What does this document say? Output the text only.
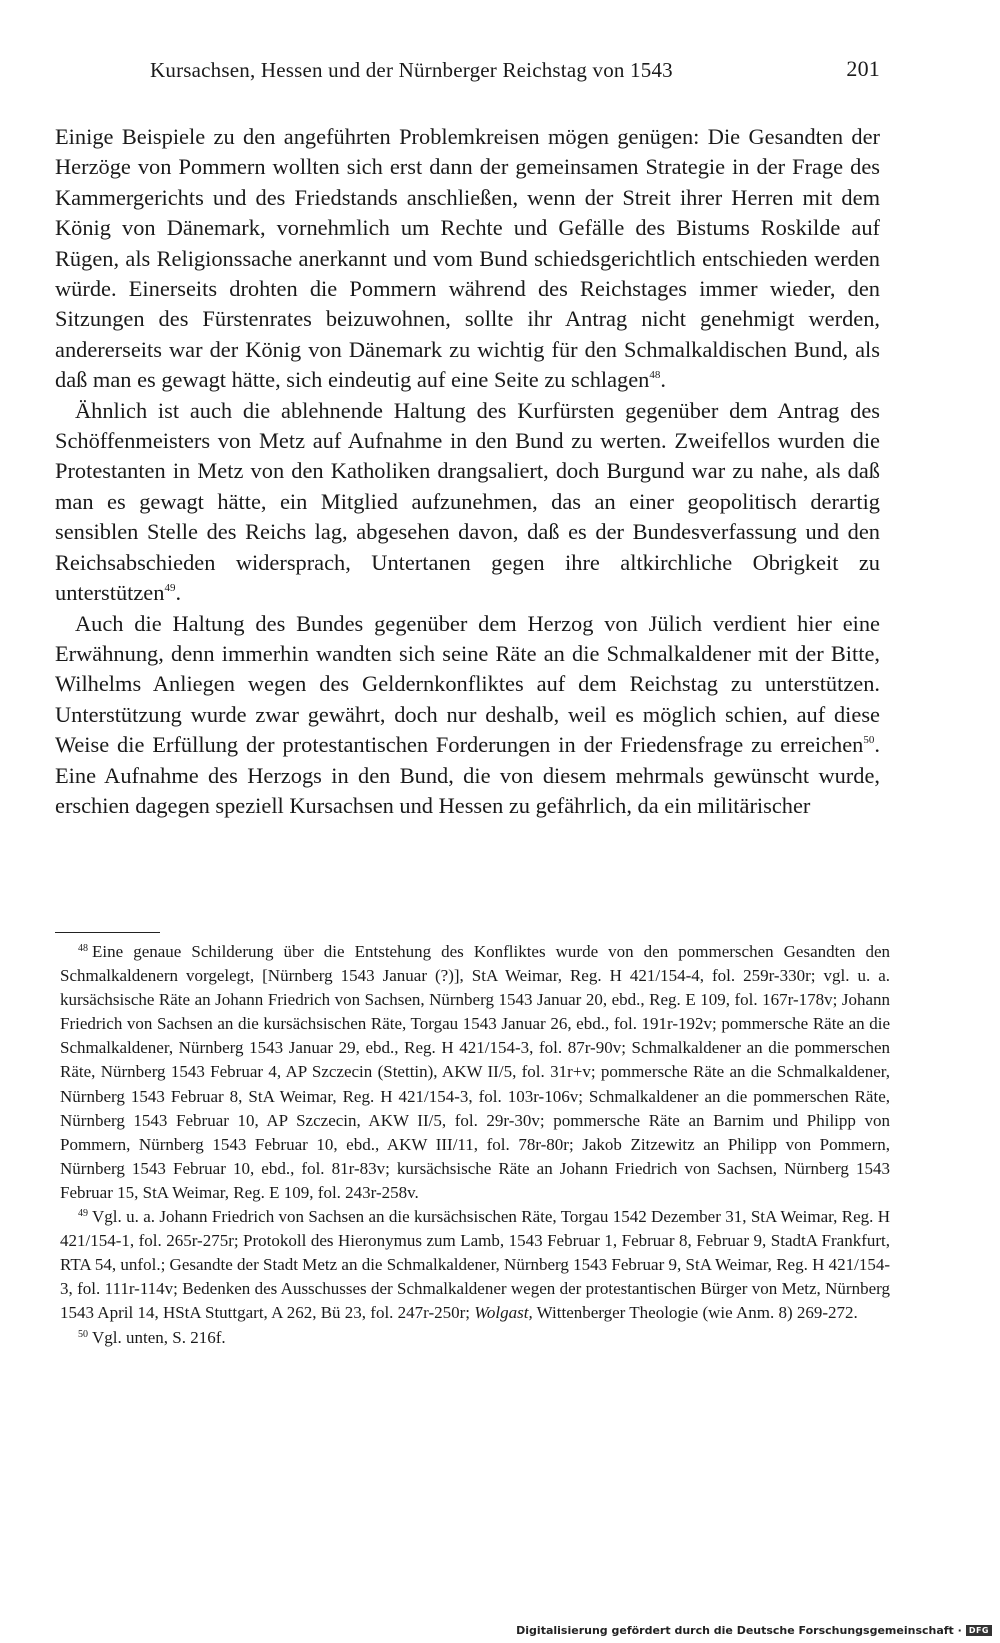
Kursachsen, Hessen und der Nürnberger Reichstag von 1543	201

Einige Beispiele zu den angeführten Problemkreisen mögen genügen: Die Gesandten der Herzöge von Pommern wollten sich erst dann der gemeinsamen Strategie in der Frage des Kammergerichts und des Friedstands anschließen, wenn der Streit ihrer Herren mit dem König von Dänemark, vornehmlich um Rechte und Gefälle des Bistums Roskilde auf Rügen, als Religionssache anerkannt und vom Bund schiedsgerichtlich entschieden werden würde. Einerseits drohten die Pommern während des Reichstages immer wieder, den Sitzungen des Fürstenrates beizuwohnen, sollte ihr Antrag nicht genehmigt werden, andererseits war der König von Dänemark zu wichtig für den Schmalkaldischen Bund, als daß man es gewagt hätte, sich eindeutig auf eine Seite zu schlagen$^{48}$.

Ähnlich ist auch die ablehnende Haltung des Kurfürsten gegenüber dem Antrag des Schöffenmeisters von Metz auf Aufnahme in den Bund zu werten. Zweifellos wurden die Protestanten in Metz von den Katholiken drangsaliert, doch Burgund war zu nahe, als daß man es gewagt hätte, ein Mitglied aufzunehmen, das an einer geopolitisch derartig sensiblen Stelle des Reichs lag, abgesehen davon, daß es der Bundesverfassung und den Reichsabschieden widersprach, Untertanen gegen ihre altkirchliche Obrigkeit zu unterstützen$^{49}$.

Auch die Haltung des Bundes gegenüber dem Herzog von Jülich verdient hier eine Erwähnung, denn immerhin wandten sich seine Räte an die Schmalkaldener mit der Bitte, Wilhelms Anliegen wegen des Geldernkonfliktes auf dem Reichstag zu unterstützen. Unterstützung wurde zwar gewährt, doch nur deshalb, weil es möglich schien, auf diese Weise die Erfüllung der protestantischen Forderungen in der Friedensfrage zu erreichen$^{50}$. Eine Aufnahme des Herzogs in den Bund, die von diesem mehrmals gewünscht wurde, erschien dagegen speziell Kursachsen und Hessen zu gefährlich, da ein militärischer

$^{48}$ Eine genaue Schilderung über die Entstehung des Konfliktes wurde von den pommerschen Gesandten den Schmalkaldenern vorgelegt, [Nürnberg 1543 Januar (?)], StA Weimar, Reg. H 421/154-4, fol. 259r-330r; vgl. u. a. kursächsische Räte an Johann Friedrich von Sachsen, Nürnberg 1543 Januar 20, ebd., Reg. E 109, fol. 167r-178v; Johann Friedrich von Sachsen an die kursächsischen Räte, Torgau 1543 Januar 26, ebd., fol. 191r-192v; pommersche Räte an die Schmalkaldener, Nürnberg 1543 Januar 29, ebd., Reg. H 421/154-3, fol. 87r-90v; Schmalkaldener an die pommerschen Räte, Nürnberg 1543 Februar 4, AP Szczecin (Stettin), AKW II/5, fol. 31r+v; pommersche Räte an die Schmalkaldener, Nürnberg 1543 Februar 8, StA Weimar, Reg. H 421/154-3, fol. 103r-106v; Schmalkaldener an die pommerschen Räte, Nürnberg 1543 Februar 10, AP Szczecin, AKW II/5, fol. 29r-30v; pommersche Räte an Barnim und Philipp von Pommern, Nürnberg 1543 Februar 10, ebd., AKW III/11, fol. 78r-80r; Jakob Zitzewitz an Philipp von Pommern, Nürnberg 1543 Februar 10, ebd., fol. 81r-83v; kursächsische Räte an Johann Friedrich von Sachsen, Nürnberg 1543 Februar 15, StA Weimar, Reg. E 109, fol. 243r-258v.

$^{49}$ Vgl. u. a. Johann Friedrich von Sachsen an die kursächsischen Räte, Torgau 1542 Dezember 31, StA Weimar, Reg. H 421/154-1, fol. 265r-275r; Protokoll des Hieronymus zum Lamb, 1543 Februar 1, Februar 8, Februar 9, StadtA Frankfurt, RTA 54, unfol.; Gesandte der Stadt Metz an die Schmalkaldener, Nürnberg 1543 Februar 9, StA Weimar, Reg. H 421/154-3, fol. 111r-114v; Bedenken des Ausschusses der Schmalkaldener wegen der protestantischen Bürger von Metz, Nürnberg 1543 April 14, HStA Stuttgart, A 262, Bü 23, fol. 247r-250r; Wolgast, Wittenberger Theologie (wie Anm. 8) 269-272.

$^{50}$ Vgl. unten, S. 216f.

Digitalisierung gefördert durch die Deutsche Forschungsgemeinschaft · DFG
